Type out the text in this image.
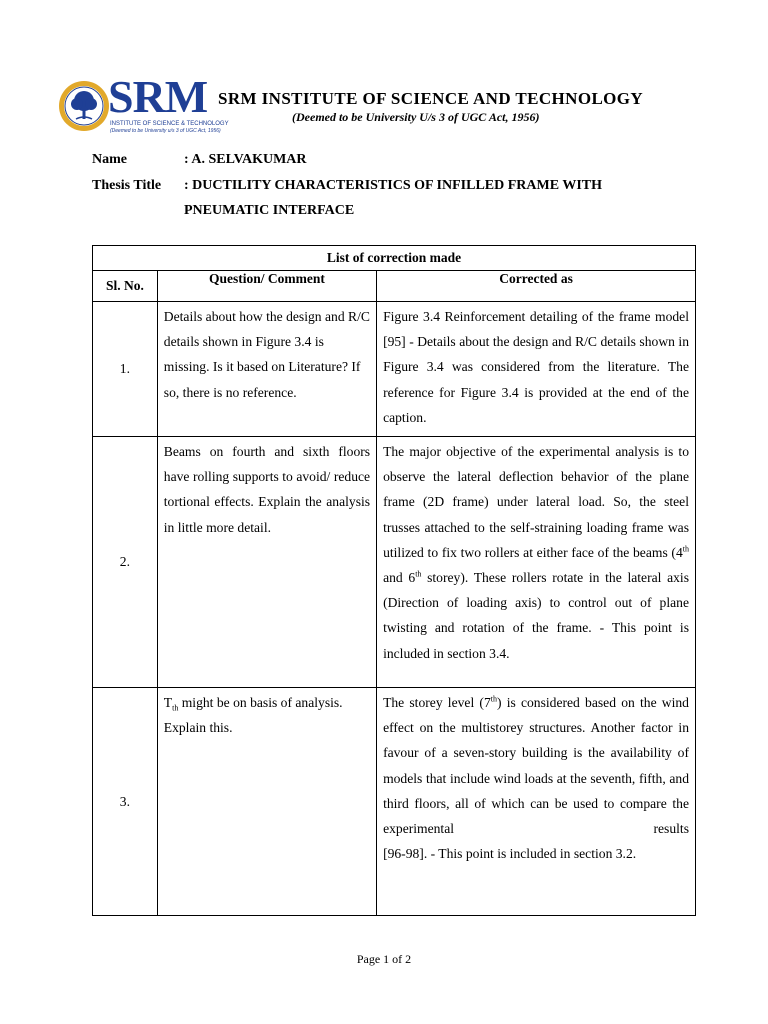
SRM
INSTITUTE OF SCIENCE & TECHNOLOGY
(Deemed to be University u/s 3 of UGC Act, 1956)
SRM INSTITUTE OF SCIENCE AND TECHNOLOGY
(Deemed to be University U/s 3 of UGC Act, 1956)
Name	: A. SELVAKUMAR
Thesis Title : DUCTILITY CHARACTERISTICS OF INFILLED FRAME WITH
PNEUMATIC INTERFACE
List of correction made		
Sl. No.	Question/ Comment	Corrected as
1.	Details about how the design and R/C details shown in Figure 3.4 is missing. Is it based on Literature? If so, there is no reference.	Figure 3.4 Reinforcement detailing of the frame model [95] - Details about the design and R/C details shown in Figure 3.4 was considered from the literature. The reference for Figure 3.4 is provided at the end of the caption.

2.	Beams on fourth and sixth floors have rolling supports to avoid/ reduce tortional effects. Explain the analysis in little more detail.	The major objective of the experimental analysis is to observe the lateral deflection behavior of the plane frame (2D frame) under lateral load. So, the steel trusses attached to the self-straining loading frame was utilized to fix two rollers at either face of the beams (4th and 6th storey). These rollers rotate in the lateral axis (Direction of loading axis) to control out of plane twisting and rotation of the frame. - This point is included in section 3.4.

3.	$T_{th}$ might be on basis of analysis. Explain this.	The storey level (7th) is considered based on the wind effect on the multistorey structures. Another factor in favour of a seven-story building is the availability of models that include wind loads at the seventh, fifth, and third floors, all of which can be used to compare the experimental results
[96-98]. - This point is included in section 3.2.
Page 1 of 2
